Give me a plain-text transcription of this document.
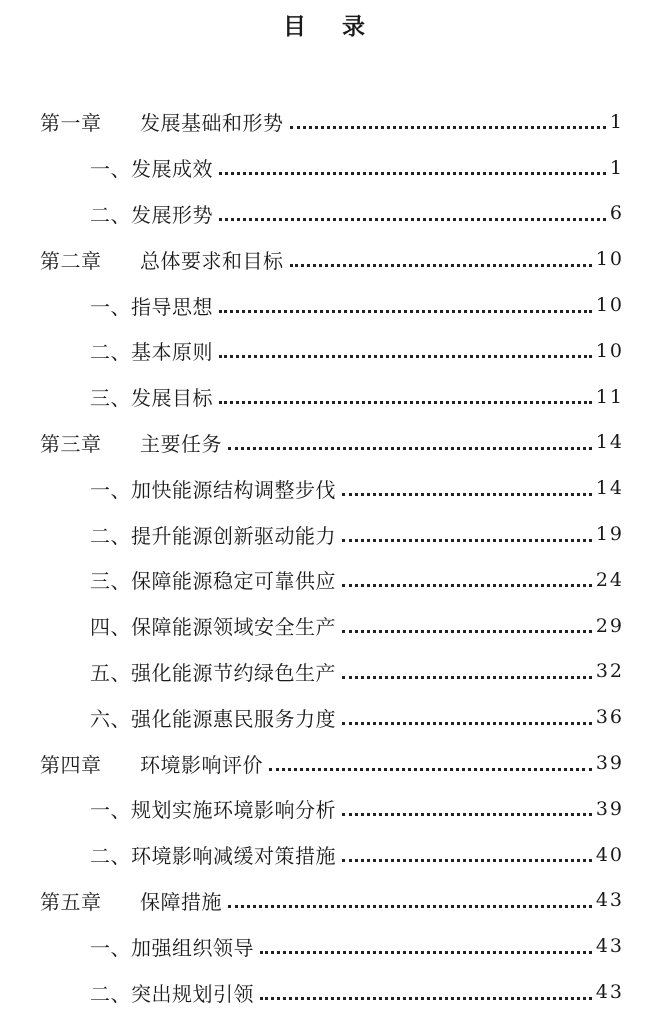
目 录
第一章 发展基础和形势	1
一、发展成效	1
二、发展形势	6
第二章 总体要求和目标	10
一、指导思想	10
二、基本原则	10
三、发展目标	11
第三章 主要任务	14
一、加快能源结构调整步伐	14
二、提升能源创新驱动能力	19
三、保障能源稳定可靠供应	24
四、保障能源领域安全生产	29
五、强化能源节约绿色生产	32
六、强化能源惠民服务力度	36
第四章 环境影响评价	39
一、规划实施环境影响分析	39
二、环境影响减缓对策措施	40
第五章 保障措施	43
一、加强组织领导	43
二、突出规划引领	43
